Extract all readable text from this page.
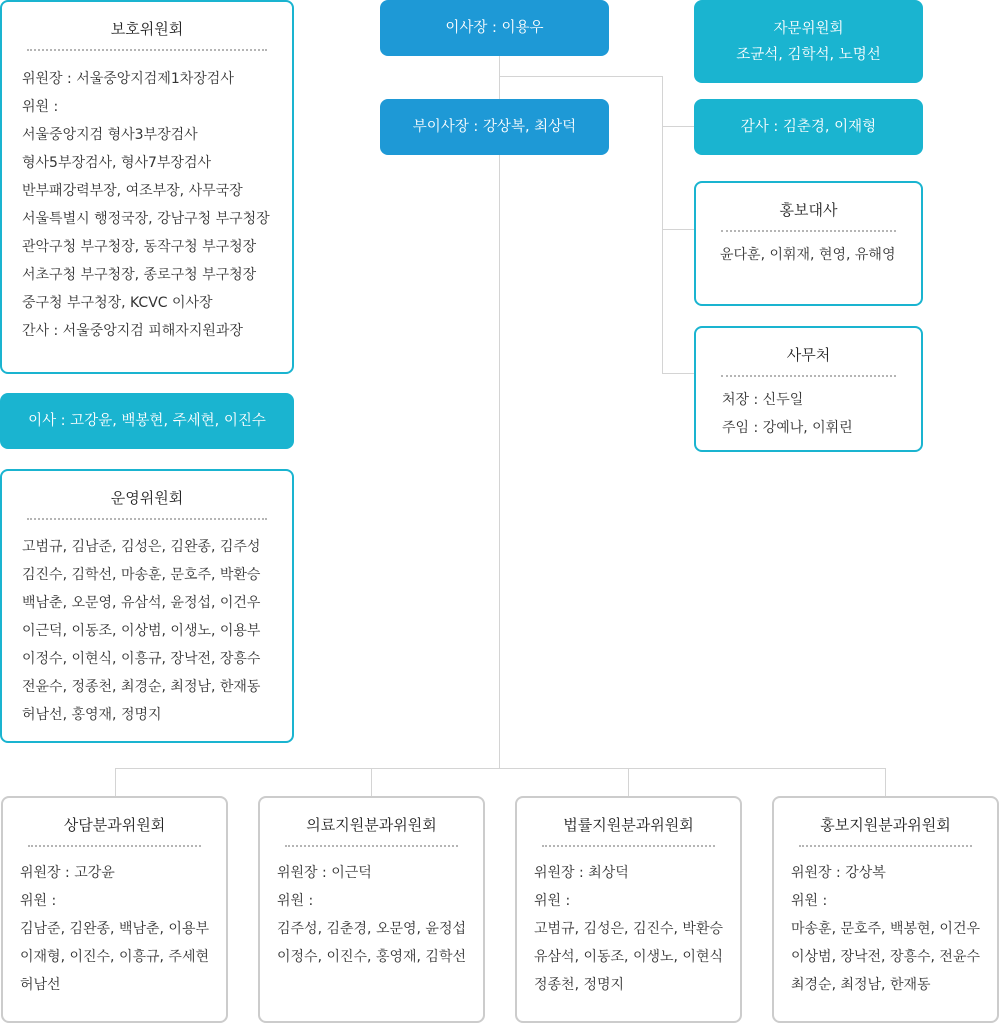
이사장 : 이용우
부이사장 : 강상복, 최상덕
자문위원회
조균석, 김학석, 노명선
감사 : 김춘경, 이재형
홍보대사
윤다훈, 이휘재, 현영, 유해영
사무처
처장 : 신두일
주임 : 강예나, 이휘린
보호위원회
위원장 : 서울중앙지검제1차장검사
위원 :
서울중앙지검 형사3부장검사
형사5부장검사, 형사7부장검사
반부패강력부장, 여조부장, 사무국장
서울특별시 행정국장, 강남구청 부구청장
관악구청 부구청장, 동작구청 부구청장
서초구청 부구청장, 종로구청 부구청장
중구청 부구청장, KCVC 이사장
간사 : 서울중앙지검 피해자지원과장
이사 : 고강윤, 백봉현, 주세현, 이진수
운영위원회
고범규, 김남준, 김성은, 김완종, 김주성
김진수, 김학선, 마송훈, 문호주, 박환승
백남춘, 오문영, 유삼석, 윤정섭, 이건우
이근덕, 이동조, 이상범, 이생노, 이용부
이정수, 이현식, 이흥규, 장낙전, 장흥수
전윤수, 정종천, 최경순, 최정남, 한재동
허남선, 홍영재, 정명지
상담분과위원회
위원장 : 고강윤
위원 :
김남준, 김완종, 백남춘, 이용부
이재형, 이진수, 이흥규, 주세현
허남선
의료지원분과위원회
위원장 : 이근덕
위원 :
김주성, 김춘경, 오문영, 윤정섭
이정수, 이진수, 홍영재, 김학선
법률지원분과위원회
위원장 : 최상덕
위원 :
고범규, 김성은, 김진수, 박환승
유삼석, 이동조, 이생노, 이현식
정종천, 정명지
홍보지원분과위원회
위원장 : 강상복
위원 :
마송훈, 문호주, 백봉현, 이건우
이상범, 장낙전, 장흥수, 전윤수
최경순, 최정남, 한재동
